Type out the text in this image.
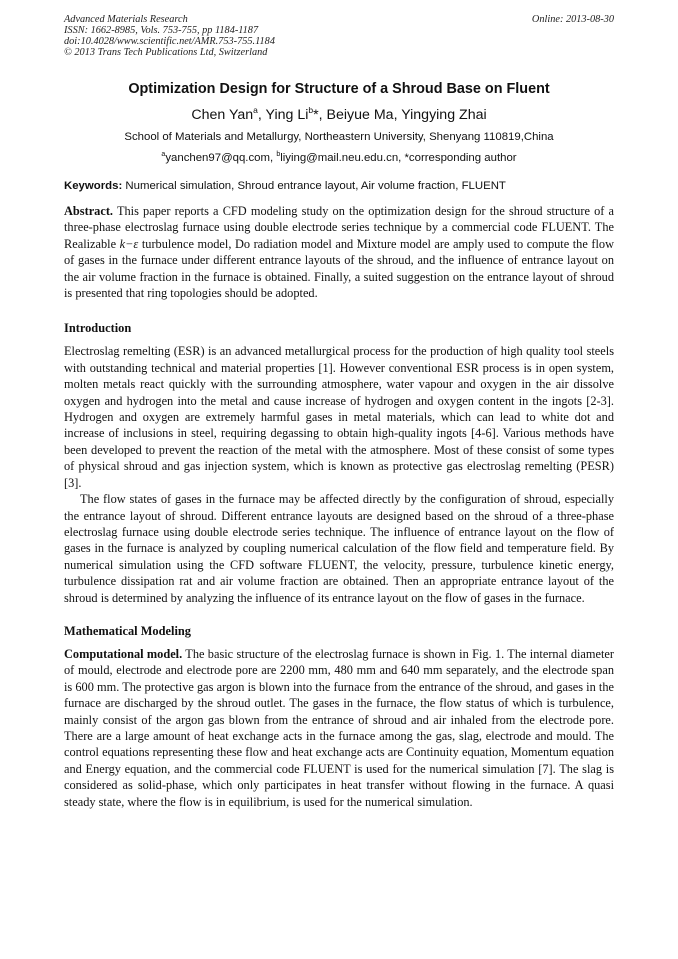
Advanced Materials Research
ISSN: 1662-8985, Vols. 753-755, pp 1184-1187
doi:10.4028/www.scientific.net/AMR.753-755.1184
© 2013 Trans Tech Publications Ltd, Switzerland
Online: 2013-08-30
Optimization Design for Structure of a Shroud Base on Fluent
Chen Yan$^a$, Ying Li$^b$*, Beiyue Ma, Yingying Zhai
School of Materials and Metallurgy, Northeastern University, Shenyang 110819,China
$^a$yanchen97@qq.com, $^b$liying@mail.neu.edu.cn, *corresponding author
Keywords: Numerical simulation, Shroud entrance layout, Air volume fraction, FLUENT

Abstract. This paper reports a CFD modeling study on the optimization design for the shroud structure of a three-phase electroslag furnace using double electrode series technique by a commercial code FLUENT. The Realizable k−ε turbulence model, Do radiation model and Mixture model are amply used to compute the flow of gases in the furnace under different entrance layouts of the shroud, and the influence of entrance layout on the air volume fraction in the furnace is obtained. Finally, a suited suggestion on the entrance layout of shroud is presented that ring topologies should be adopted.

Introduction

Electroslag remelting (ESR) is an advanced metallurgical process for the production of high quality tool steels with outstanding technical and material properties [1]. However conventional ESR process is in open system, molten metals react quickly with the surrounding atmosphere, water vapour and oxygen in the air dissolve oxygen and hydrogen into the metal and cause increase of hydrogen and oxygen content in the ingots [2-3]. Hydrogen and oxygen are extremely harmful gases in metal materials, which can lead to white dot and increase of inclusions in steel, requiring degassing to obtain high-quality ingots [4-6]. Various methods have been developed to prevent the reaction of the metal with the atmosphere. Most of these consist of some types of physical shroud and gas injection system, which is known as protective gas electroslag remelting (PESR) [3].

The flow states of gases in the furnace may be affected directly by the configuration of shroud, especially the entrance layout of shroud. Different entrance layouts are designed based on the shroud of a three-phase electroslag furnace using double electrode series technique. The influence of entrance layout on the flow of gases in the furnace is analyzed by coupling numerical calculation of the flow field and temperature field. By numerical simulation using the CFD software FLUENT, the velocity, pressure, turbulence kinetic energy, turbulence dissipation rat and air volume fraction are obtained. Then an appropriate entrance layout of the shroud is determined by analyzing the influence of its entrance layout on the flow of gases in the furnace.

Mathematical Modeling

Computational model. The basic structure of the electroslag furnace is shown in Fig. 1. The internal diameter of mould, electrode and electrode pore are 2200 mm, 480 mm and 640 mm separately, and the electrode span is 600 mm. The protective gas argon is blown into the furnace from the entrance of the shroud, and gases in the furnace are discharged by the shroud outlet. The gases in the furnace, the flow status of which is turbulence, mainly consist of the argon gas blown from the entrance of shroud and air inhaled from the electrode pore. There are a large amount of heat exchange acts in the furnace among the gas, slag, electrode and mould. The control equations representing these flow and heat exchange acts are Continuity equation, Momentum equation and Energy equation, and the commercial code FLUENT is used for the numerical simulation [7]. The slag is considered as solid-phase, which only participates in heat transfer without flowing in the furnace. A quasi steady state, where the flow is in equilibrium, is used for the numerical simulation.
